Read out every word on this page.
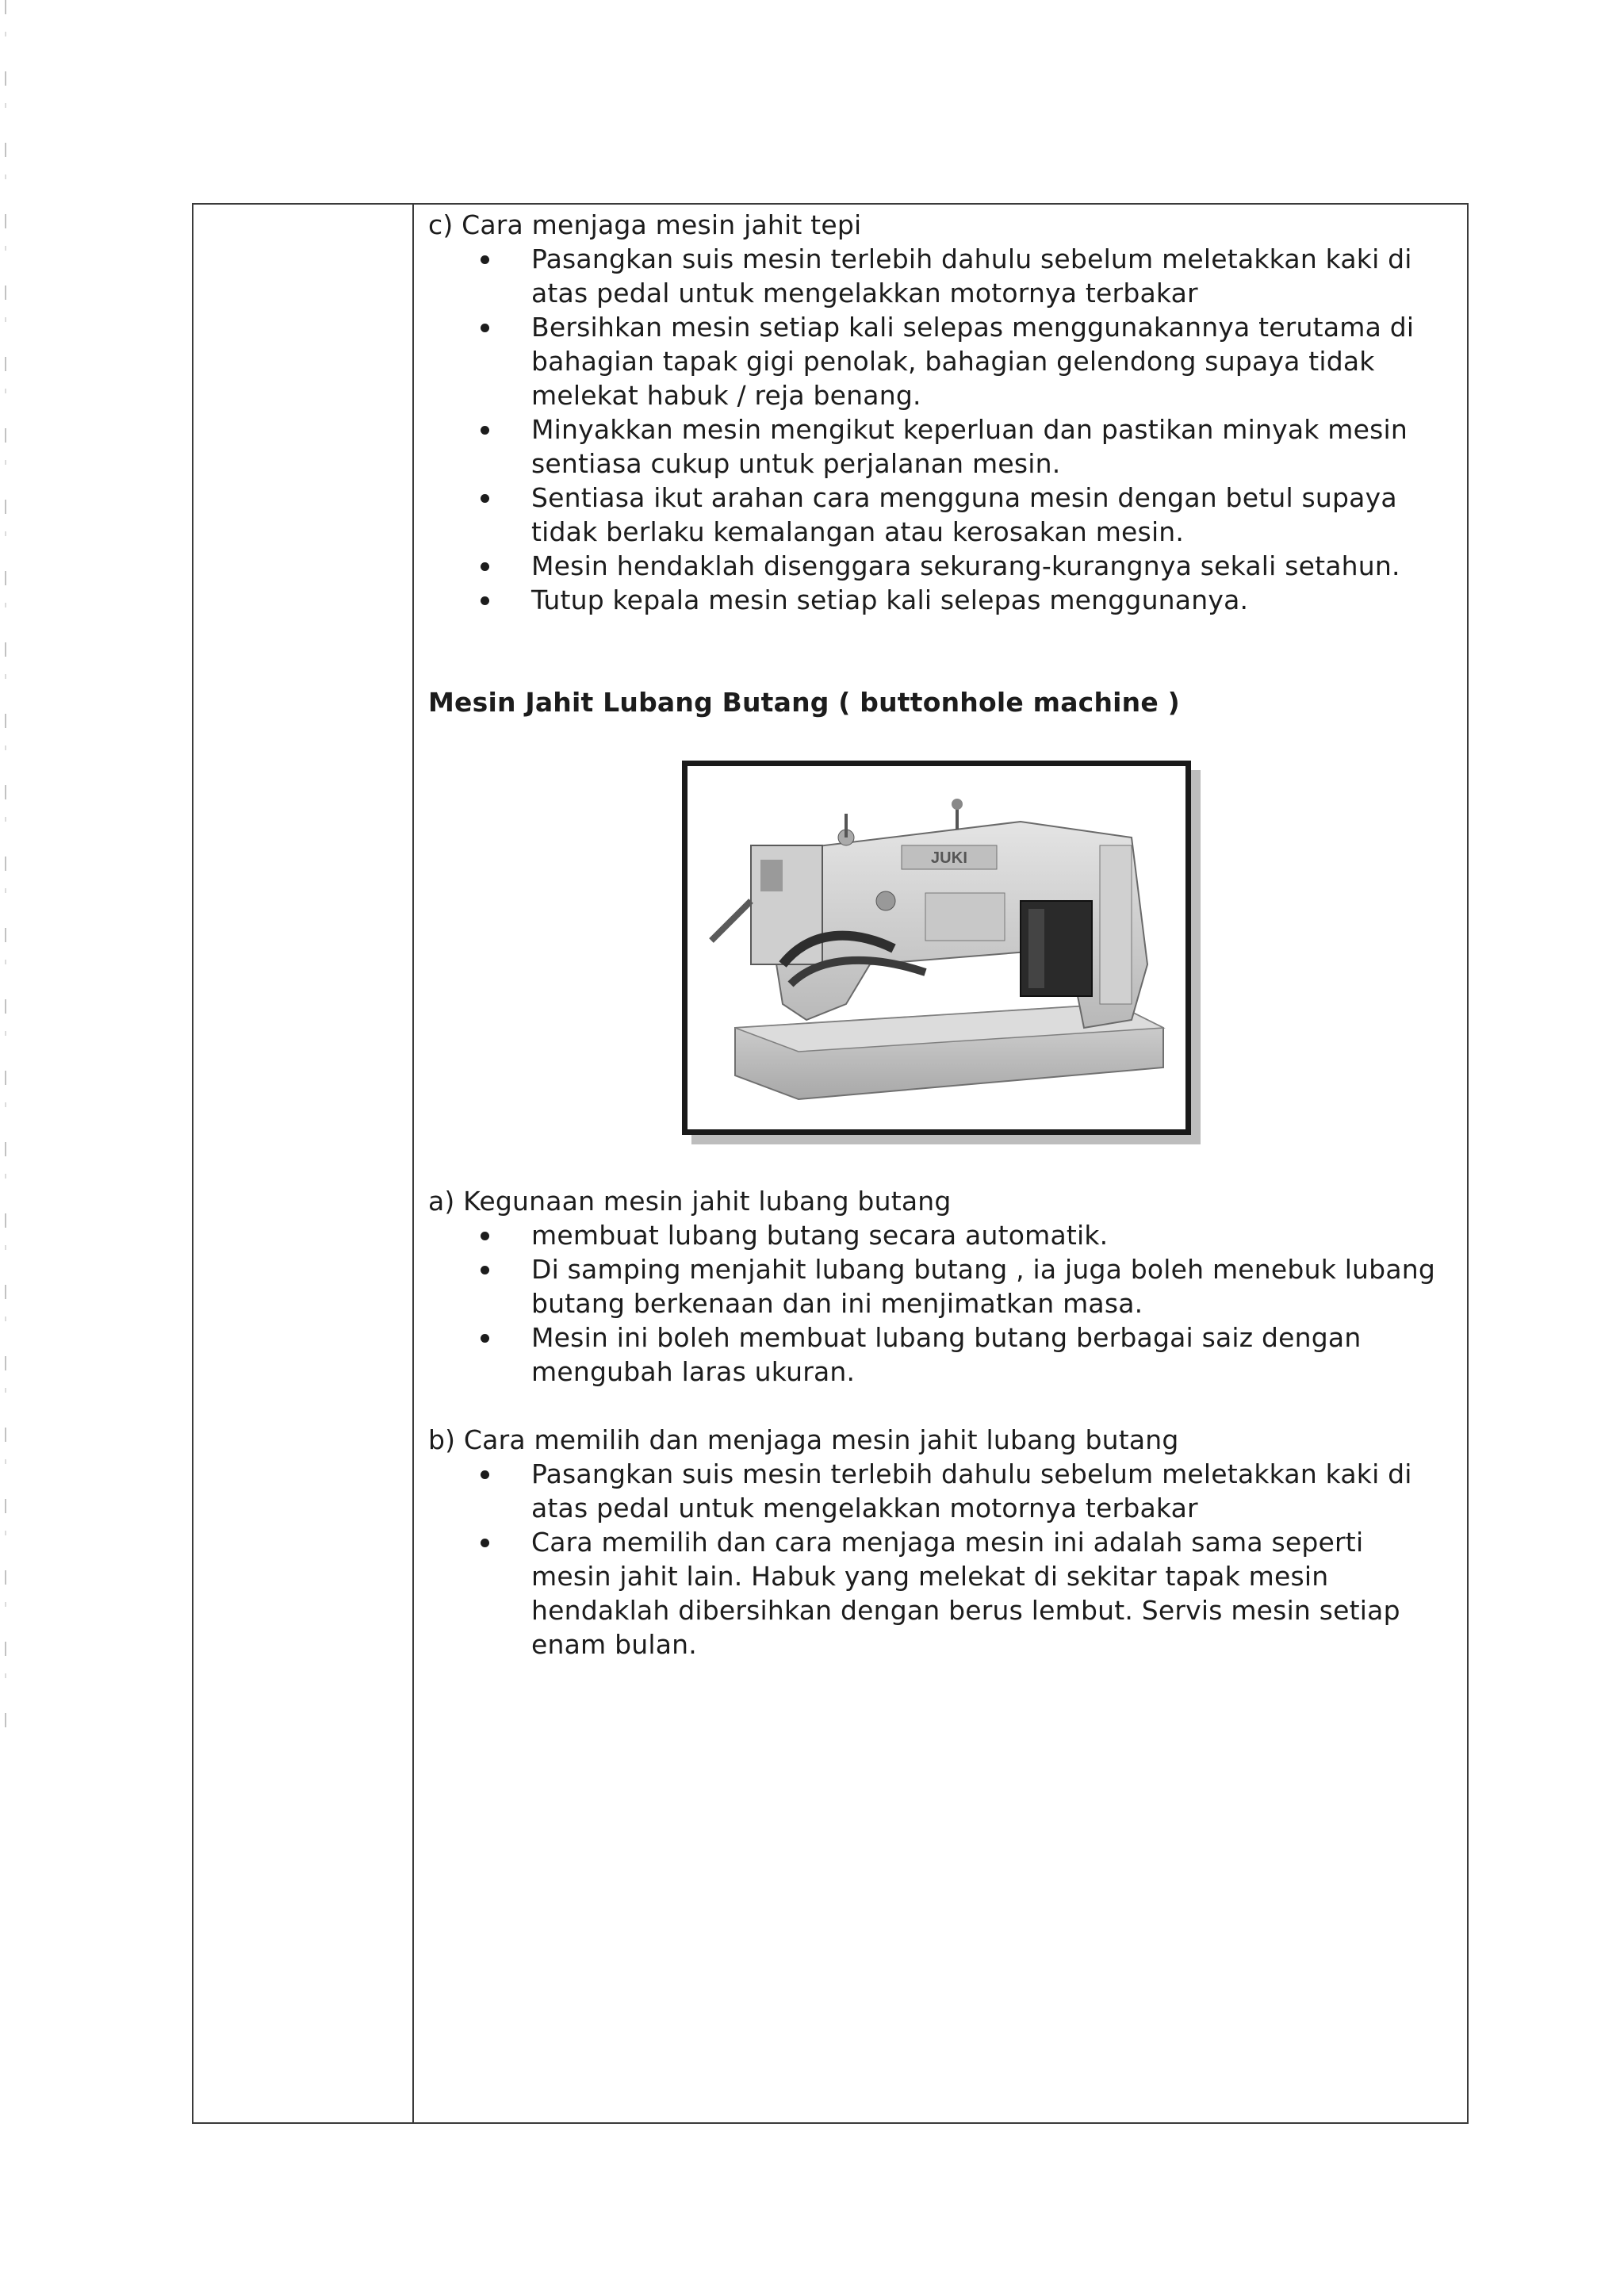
c) Cara menjaga mesin jahit tepi

Pasangkan suis mesin terlebih dahulu sebelum meletakkan kaki di atas pedal untuk mengelakkan motornya terbakar
Bersihkan mesin setiap kali selepas menggunakannya terutama di bahagian tapak gigi penolak, bahagian gelendong supaya tidak melekat habuk / reja benang.
Minyakkan mesin mengikut keperluan dan pastikan minyak mesin sentiasa cukup untuk perjalanan mesin.
Sentiasa ikut arahan cara mengguna mesin dengan betul supaya tidak berlaku kemalangan atau kerosakan mesin.
Mesin hendaklah disenggara sekurang-kurangnya sekali setahun.
Tutup kepala mesin setiap kali selepas menggunanya.

Mesin Jahit Lubang Butang ( buttonhole machine )

JUKI

a) Kegunaan mesin jahit lubang butang

membuat lubang butang secara automatik.
Di samping menjahit lubang butang , ia juga boleh menebuk lubang butang berkenaan dan ini menjimatkan masa.
Mesin ini boleh membuat lubang butang berbagai saiz dengan mengubah laras ukuran.

b) Cara memilih dan menjaga mesin jahit lubang butang

Pasangkan suis mesin terlebih dahulu sebelum meletakkan kaki di atas pedal untuk mengelakkan motornya terbakar
Cara memilih dan cara menjaga mesin ini adalah sama seperti mesin jahit lain. Habuk yang melekat di sekitar tapak mesin hendaklah dibersihkan dengan berus lembut. Servis mesin setiap enam bulan.
